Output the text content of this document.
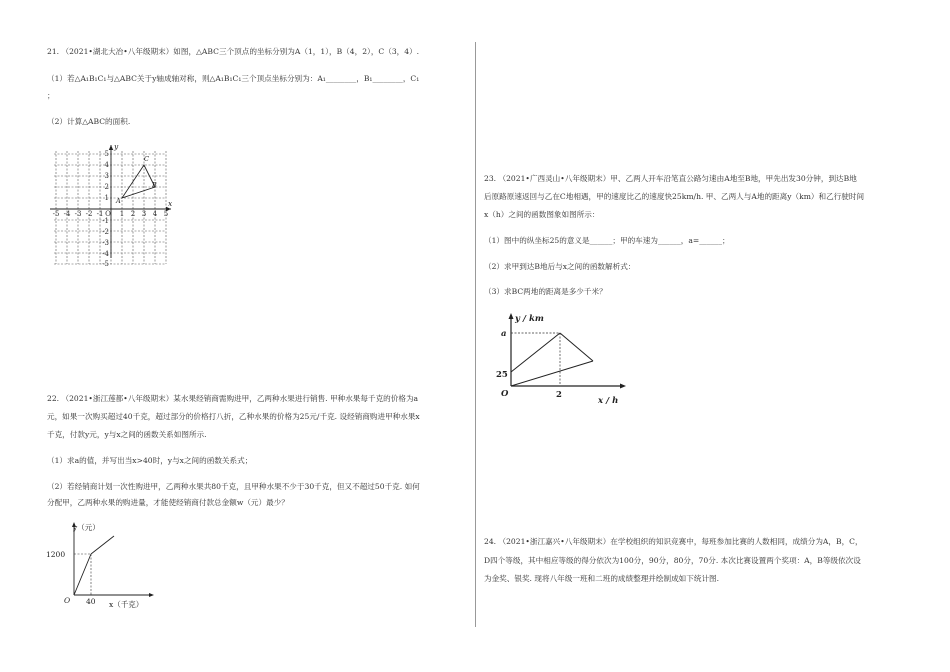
21. （2021•湖北大冶•八年级期末）如图，△ABC三个顶点的坐标分别为A（1，1），B（4，2），C（3，4）.
（1）若△A₁B₁C₁与△ABC关于y轴成轴对称，则△A₁B₁C₁三个顶点坐标分别为：A₁________，B₁________，C₁
；
（2）计算△ABC的面积.
-5 -4 -3 -2 -1 O 1 2 3 4 5
5
4
3
2
1
-1
-2
-3
-4
-5
x
y
A
B
C
22. （2021•浙江莲都•八年级期末）某水果经销商需购进甲，乙两种水果进行销售. 甲种水果每千克的价格为a
元，如果一次购买超过40千克，超过部分的价格打八折，乙种水果的价格为25元/千克. 设经销商购进甲种水果x
千克，付款y元，y与x之间的函数关系如图所示.
（1）求a的值，并写出当x>40时，y与x之间的函数关系式；
（2）若经销商计划一次性购进甲，乙两种水果共80千克，且甲种水果不少于30千克，但又不超过50千克. 如何
分配甲，乙两种水果的购进量，才能使经销商付款总金额w（元）最少？
y（元）
1200
40
O	x（千克）
23. （2021•广西灵山•八年级期末）甲、乙两人开车沿笔直公路匀速由A地至B地，甲先出发30分钟，到达B地
后原路原速返回与乙在C地相遇，甲的速度比乙的速度快25km/h. 甲、乙两人与A地的距离y（km）和乙行驶时间
x（h）之间的函数图象如图所示：
（1）图中的纵坐标25的意义是______；甲的车速为______，a=______；
（2）求甲到达B地后与x之间的函数解析式：
（3）求BC两地的距离是多少千米？
y / km
a
25
O	2
x / h
24. （2021•浙江嘉兴•八年级期末）在学校组织的知识竞赛中，每班参加比赛的人数相同，成绩分为A，B，C，
D四个等级，其中相应等级的得分依次为100分，90分，80分，70分. 本次比赛设置两个奖项：A，B等级依次设
为金奖、银奖. 现将八年级一班和二班的成绩整理并绘制成如下统计图.
